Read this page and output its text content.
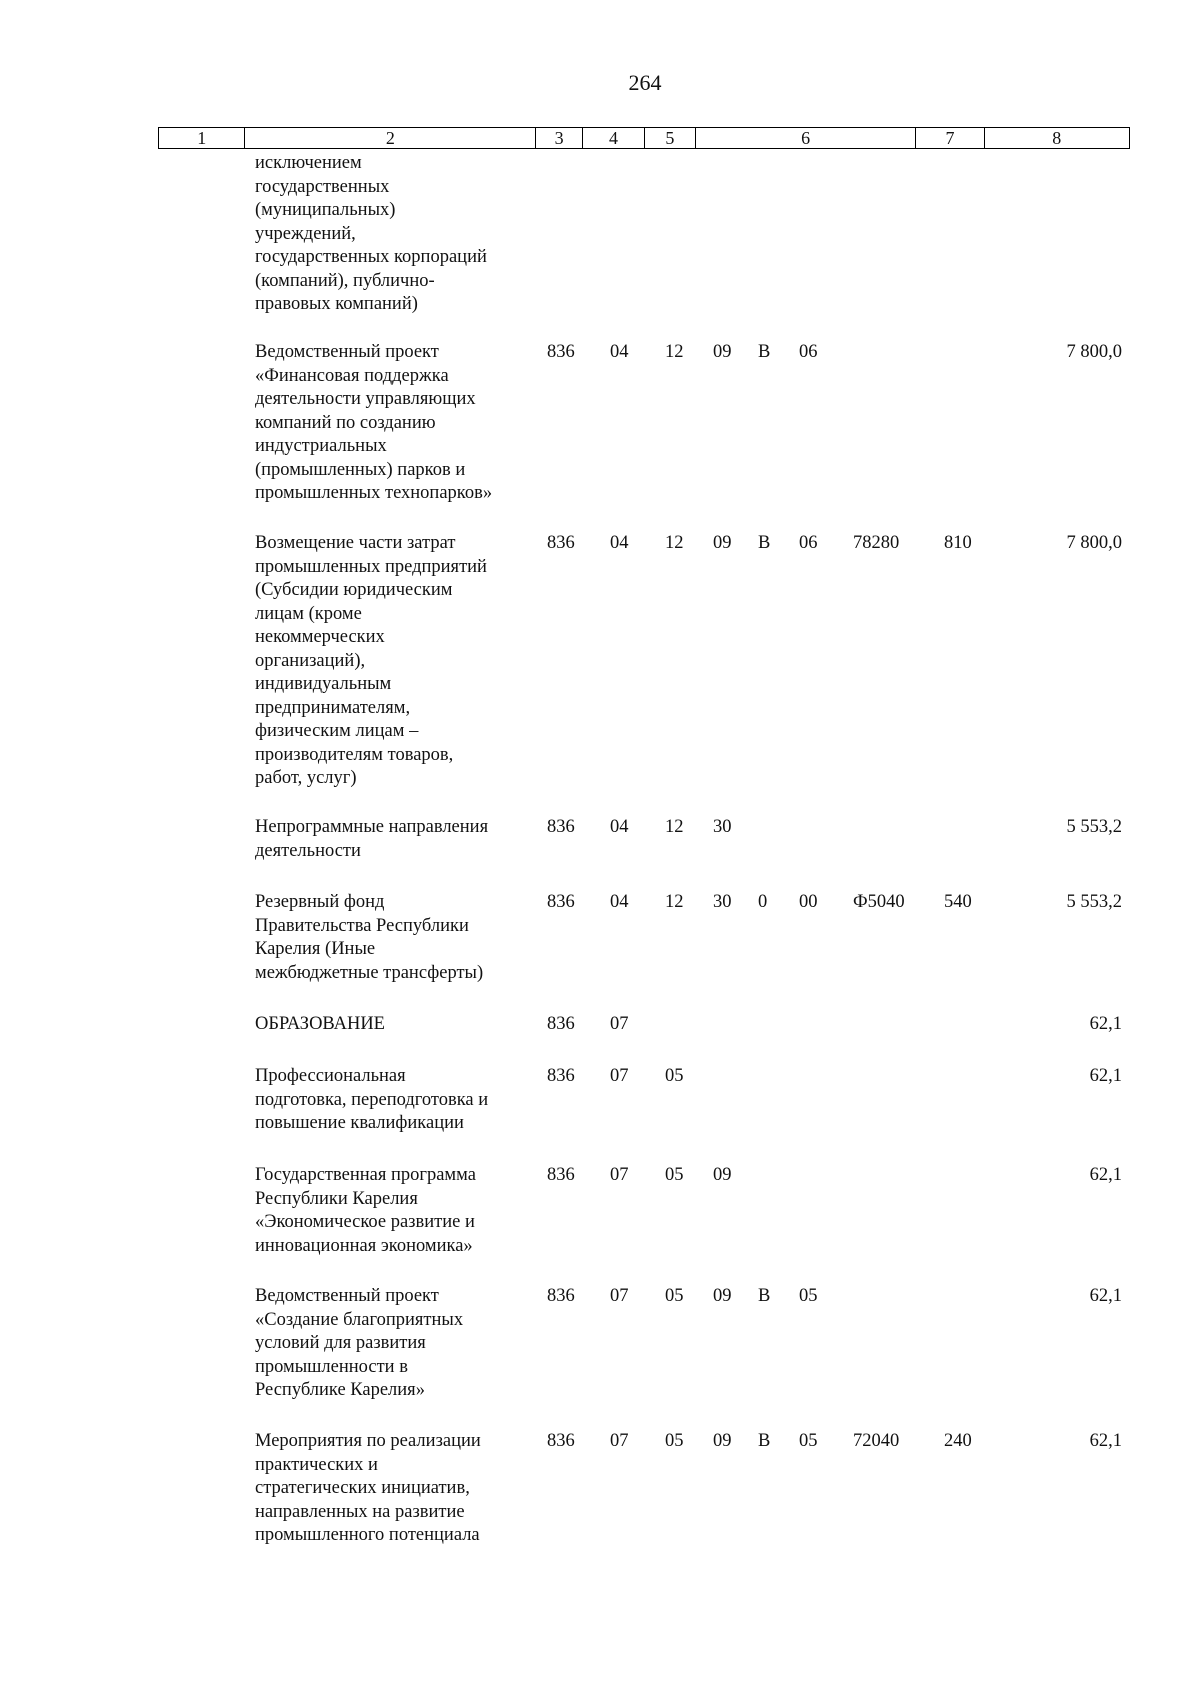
264
1	2	3	4	5	6	7	8
исключением
государственных
(муниципальных)
учреждений,
государственных корпораций
(компаний), публично-
правовых компаний)
Ведомственный проект
«Финансовая поддержка
деятельности управляющих
компаний по созданию
индустриальных
(промышленных) парков и
промышленных технопарков»
836 04 12 09 В 06	7 800,0
Возмещение части затрат
промышленных предприятий
(Субсидии юридическим
лицам (кроме
некоммерческих
организаций),
индивидуальным
предпринимателям,
физическим лицам –
производителям товаров,
работ, услуг)
836 04 12 09 В 06 78280 810	7 800,0
Непрограммные направления
деятельности
836 04 12 30	5 553,2
Резервный фонд
Правительства Республики
Карелия (Иные
межбюджетные трансферты)
836 04 12 30 0 00 Ф5040 540	5 553,2
ОБРАЗОВАНИЕ	836 07	62,1
Профессиональная
подготовка, переподготовка и
повышение квалификации
836 07 05	62,1
Государственная программа
Республики Карелия
«Экономическое развитие и
инновационная экономика»
836 07 05 09	62,1
Ведомственный проект
«Создание благоприятных
условий для развития
промышленности в
Республике Карелия»
836 07 05 09 В 05	62,1
Мероприятия по реализации
практических и
стратегических инициатив,
направленных на развитие
промышленного потенциала
836 07 05 09 В 05 72040 240	62,1
